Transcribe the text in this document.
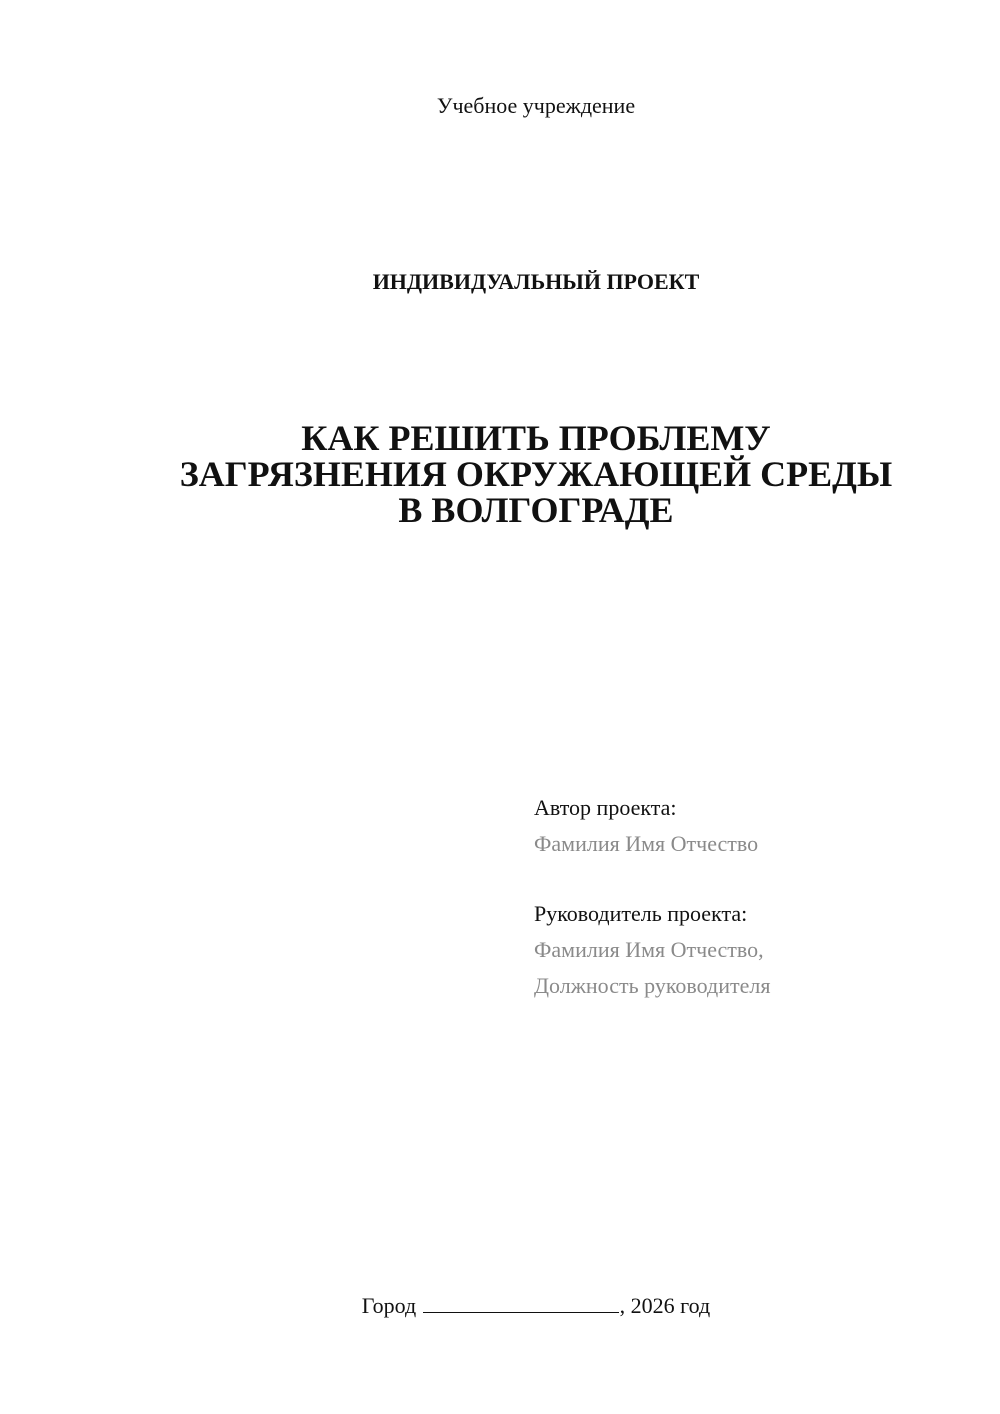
Учебное учреждение
ИНДИВИДУАЛЬНЫЙ ПРОЕКТ
КАК РЕШИТЬ ПРОБЛЕМУ
ЗАГРЯЗНЕНИЯ ОКРУЖАЮЩЕЙ СРЕДЫ
В ВОЛГОГРАДЕ
Автор проекта:
Фамилия Имя Отчество
Руководитель проекта:
Фамилия Имя Отчество,
Должность руководителя
Город	, 2026 год
